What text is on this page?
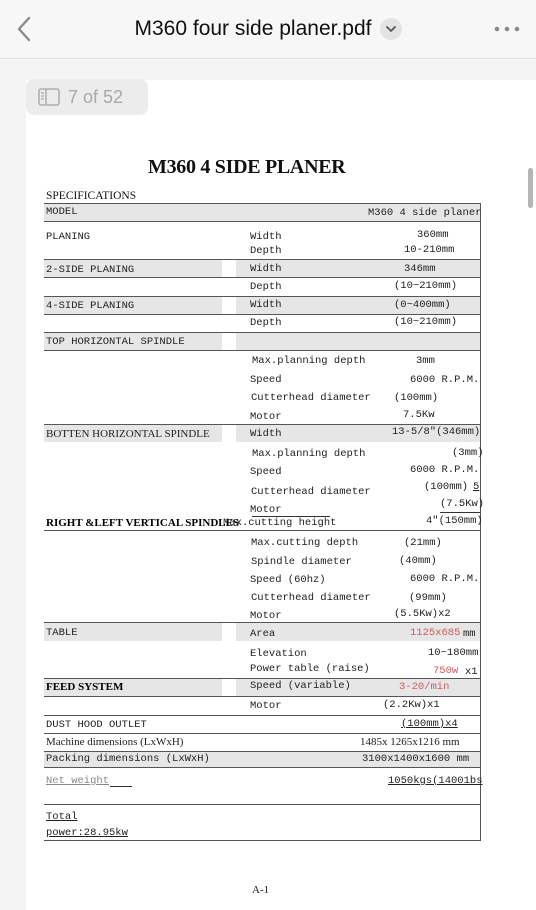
M360 four side planer.pdf
7 of 52
M360 4 SIDE PLANER
SPECIFICATIONS
MODEL	M360 4 side planer
PLANING	Width	360mm
Depth	10-210mm
2-SIDE PLANING	Width	346mm
Depth	(10~210mm)
4-SIDE PLANING	Width	(0~400mm)
Depth	(10~210mm)
TOP HORIZONTAL SPINDLE
Max.planning depth	3mm
Speed	6000 R.P.M.
Cutterhead diameter (100mm)
Motor	7.5Kw
BOTTEN HORIZONTAL SPINDLE	Width	13-5/8"(346mm)
Max.planning depth	(3mm)
Speed	6000 R.P.M.
Cutterhead diameter	(100mm) 5
Motor	(7.5Kw)
RIGHT &LEFT VERTICAL SPINDLES
Max.cutting height	4"(150mm)
Max.cutting depth	(21mm)
Spindle diameter	(40mm)
Speed (60hz)	6000 R.P.M.
Cutterhead diameter	(99mm)
Motor	(5.5Kw)x2
TABLE	Area	1125x685 mm
Elevation	10~180mm
Power table (raise)	750w x1
FEED SYSTEM	Speed (variable)	3-20/min
Motor	(2.2Kw)x1
DUST HOOD OUTLET	(100mm)x4
Machine dimensions (LxWxH)	1485x 1265x1216 mm
Packing dimensions (LxWxH)	3100x1400x1600 mm
Net weight	1050kgs(14001bs
Total
power:28.95kw
A-1
